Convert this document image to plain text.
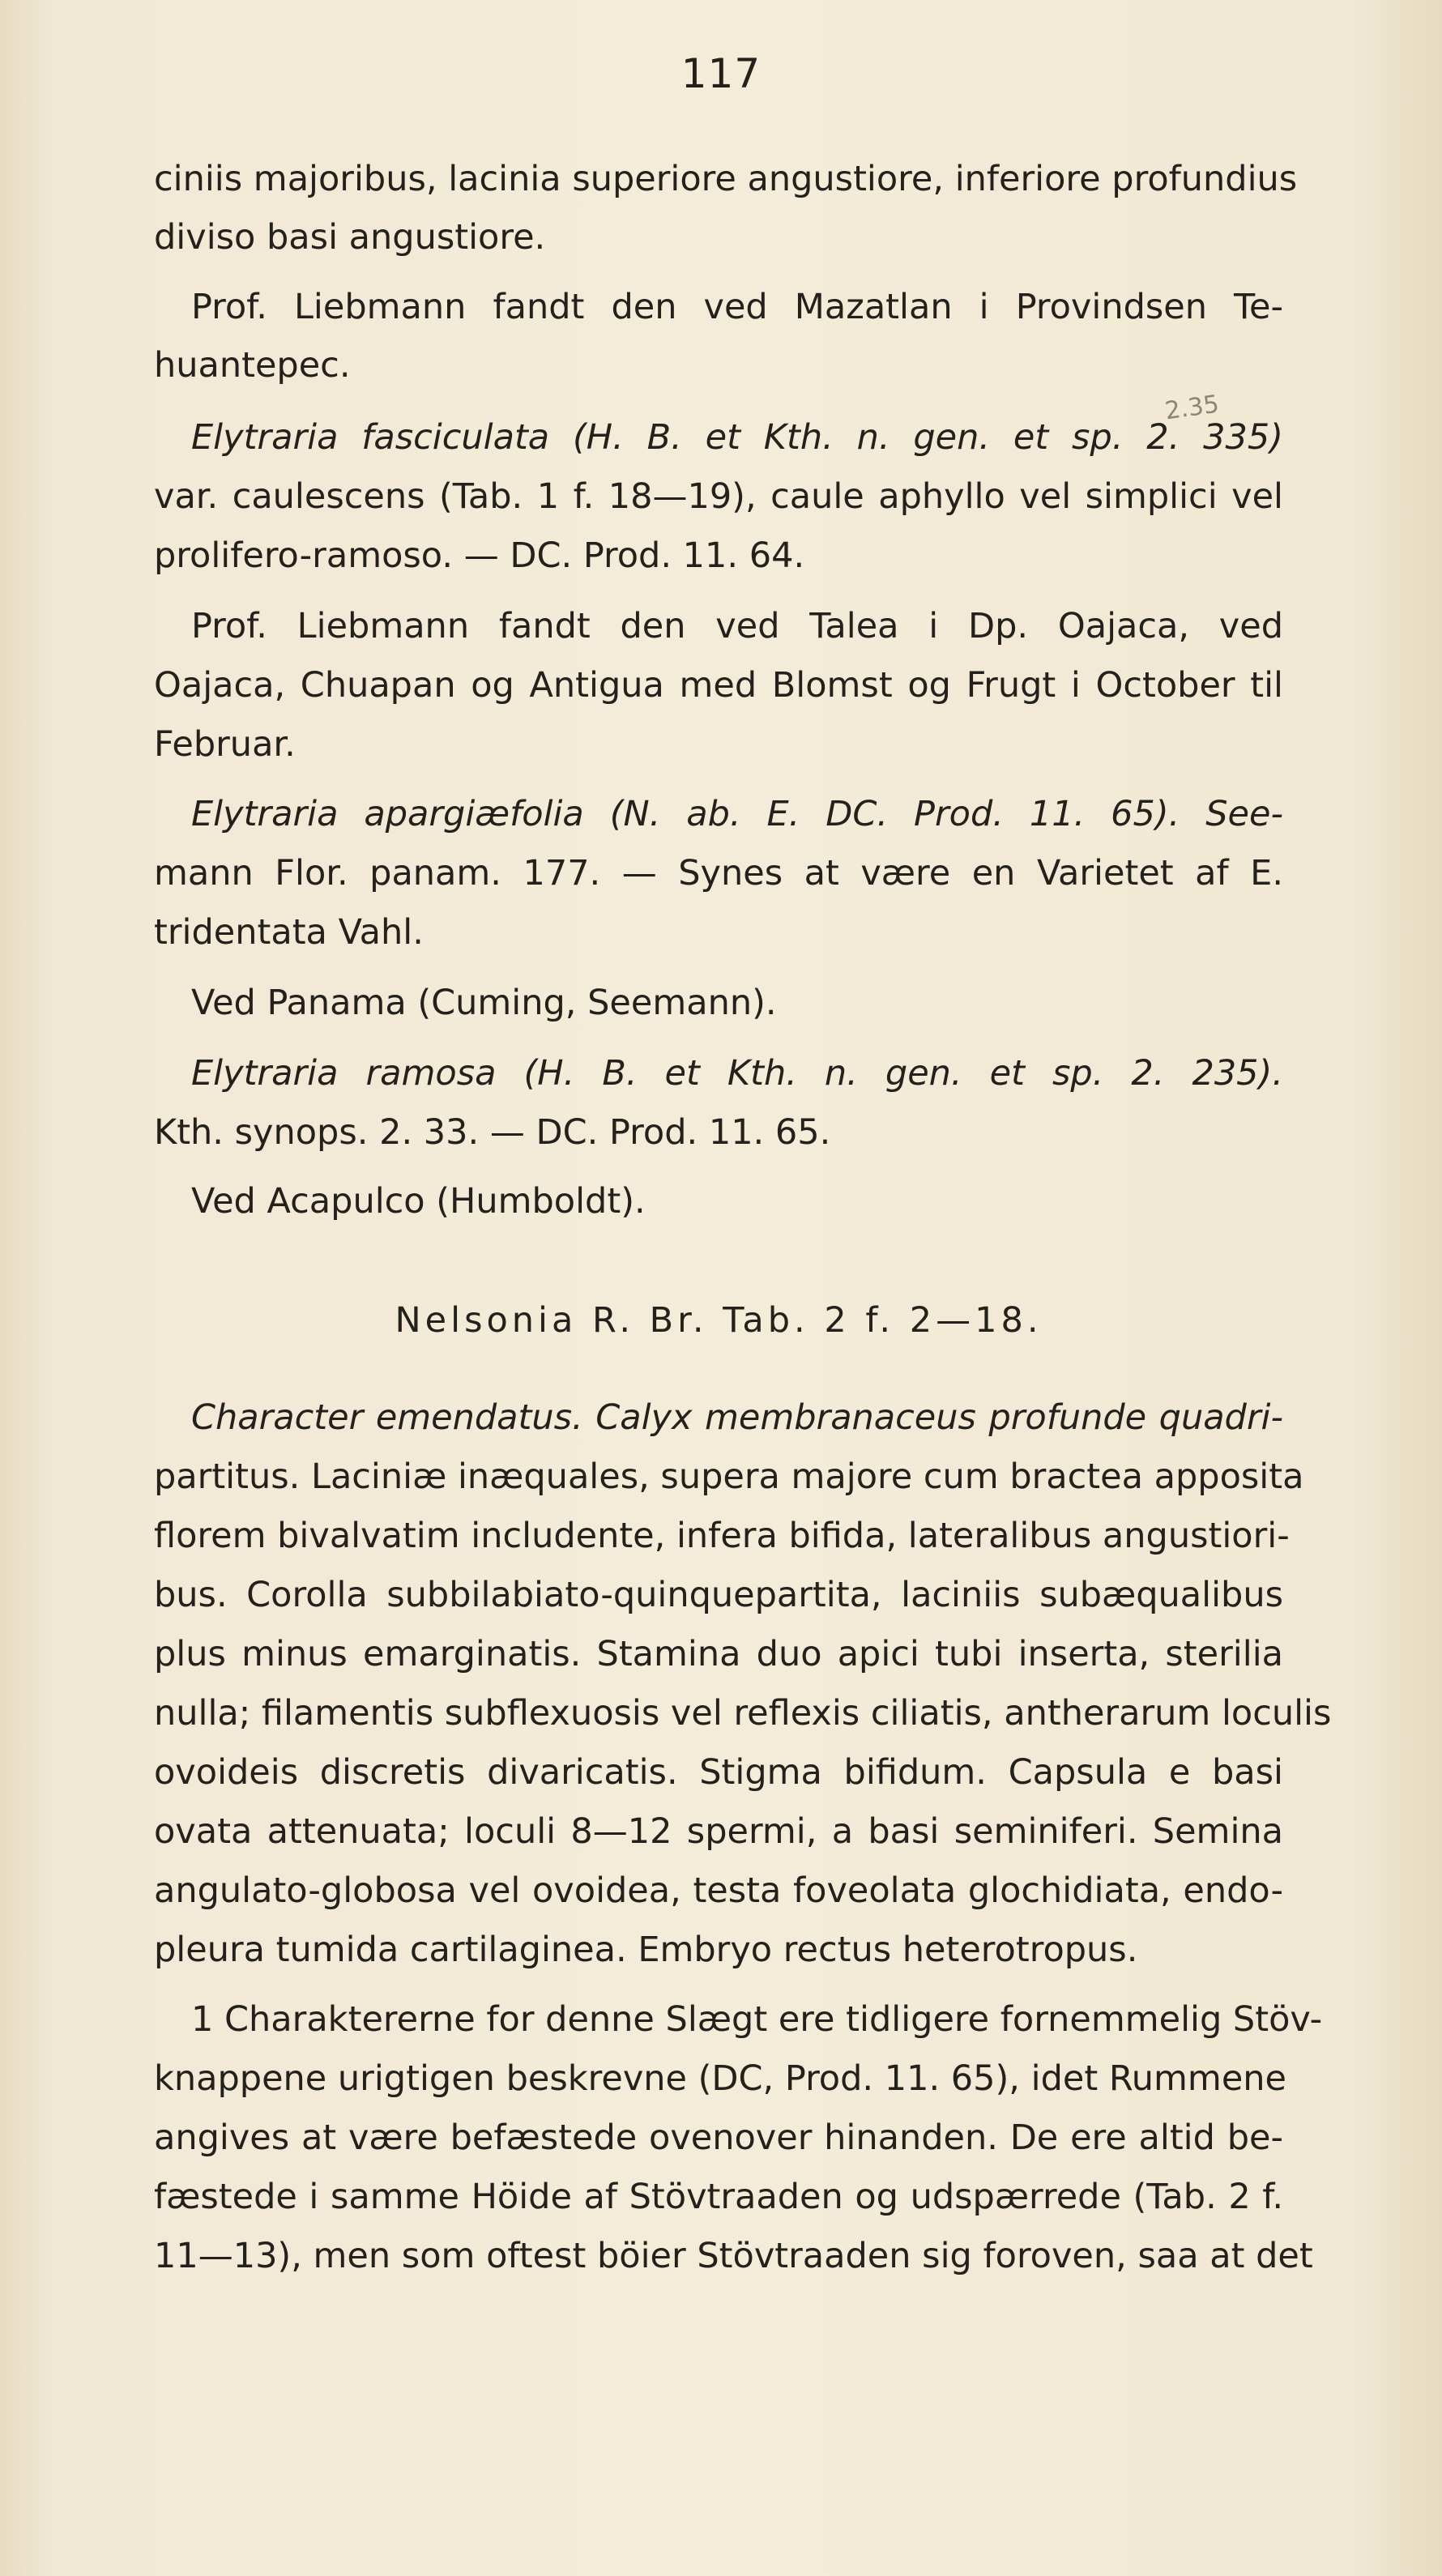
117
2.35
ciniis majoribus, laciniа superiore angustiore, inferiore profundius
diviso basi angustiore.
Prof. Liebmann fandt den ved Mazatlan i Provindsen Te-
huantepec.
Elytraria fasciculata (H. B. et Kth. n. gen. et sp. 2. 335)
var. caulescens (Tab. 1 f. 18—19), caule aphyllo vel simplici vel
prolifero-ramoso. — DC. Prod. 11. 64.
Prof. Liebmann fandt den ved Talea i Dp. Oajaca, ved
Oajaca, Chuapan og Antigua med Blomst og Frugt i October til
Februar.
Elytraria apargiæfolia (N. ab. E. DC. Prod. 11. 65). See-
mann Flor. panam. 177. — Synes at være en Varietet af E.
tridentata Vahl.
Ved Panama (Cuming, Seemann).
Elytraria ramosa (H. B. et Kth. n. gen. et sp. 2. 235).
Kth. synops. 2. 33. — DC. Prod. 11. 65.
Ved Acapulco (Humboldt).
Nelsonia R. Br. Tab. 2 f. 2—18.
Character emendatus. Calyx membranaceus profunde quadri-
partitus. Laciniæ inæquales, supera majore cum bractea apposita
florem bivalvatim includente, infera bifida, lateralibus angustiori-
bus. Corolla subbilabiato-quinquepartita, laciniis subæqualibus
plus minus emarginatis. Stamina duo apici tubi inserta, sterilia
nulla; filamentis subflexuosis vel reflexis ciliatis, antherarum loculis
ovoideis discretis divaricatis. Stigma bifidum. Capsula e basi
ovata attenuata; loculi 8—12 spermi, a basi seminiferi. Semina
angulato-globosa vel ovoidea, testa foveolata glochidiata, endo-
pleura tumida cartilaginea. Embryo rectus heterotropus.
1 Charaktererne for denne Slægt ere tidligere fornemmelig Stöv-
knappene urigtigen beskrevne (DC, Prod. 11. 65), idet Rummene
angives at være befæstede ovenover hinanden. De ere altid be-
fæstede i samme Höide af Stövtraaden og udspærrede (Tab. 2 f.
11—13), men som oftest böier Stövtraaden sig foroven, saa at det
